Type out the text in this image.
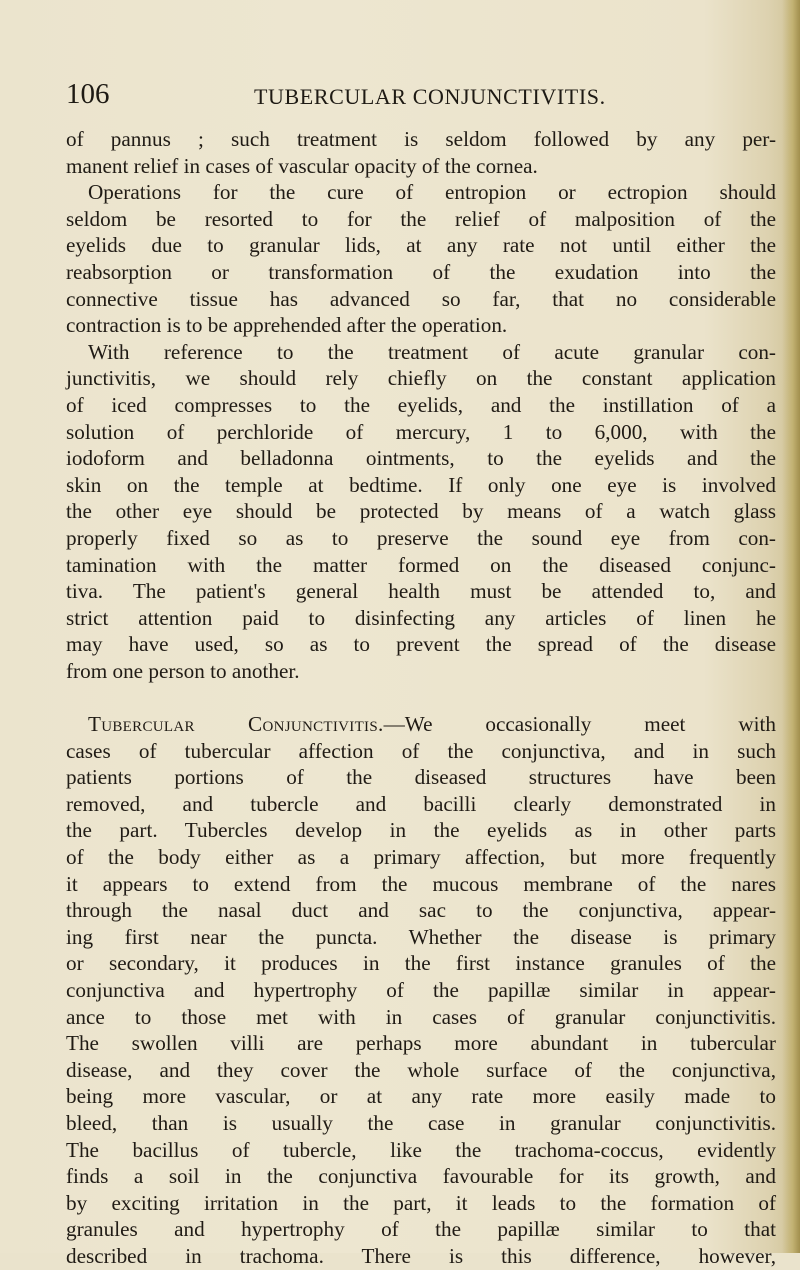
106	TUBERCULAR CONJUNCTIVITIS.
of pannus ; such treatment is seldom followed by any per-
manent relief in cases of vascular opacity of the cornea.
Operations for the cure of entropion or ectropion should
seldom be resorted to for the relief of malposition of the
eyelids due to granular lids, at any rate not until either the
reabsorption or transformation of the exudation into the
connective tissue has advanced so far, that no considerable
contraction is to be apprehended after the operation.
With reference to the treatment of acute granular con-
junctivitis, we should rely chiefly on the constant application
of iced compresses to the eyelids, and the instillation of a
solution of perchloride of mercury, 1 to 6,000, with the
iodoform and belladonna ointments, to the eyelids and the
skin on the temple at bedtime. If only one eye is involved
the other eye should be protected by means of a watch glass
properly fixed so as to preserve the sound eye from con-
tamination with the matter formed on the diseased conjunc-
tiva. The patient's general health must be attended to, and
strict attention paid to disinfecting any articles of linen he
may have used, so as to prevent the spread of the disease
from one person to another.
Tubercular Conjunctivitis.—We occasionally meet with
cases of tubercular affection of the conjunctiva, and in such
patients portions of the diseased structures have been
removed, and tubercle and bacilli clearly demonstrated in
the part. Tubercles develop in the eyelids as in other parts
of the body either as a primary affection, but more frequently
it appears to extend from the mucous membrane of the nares
through the nasal duct and sac to the conjunctiva, appear-
ing first near the puncta. Whether the disease is primary
or secondary, it produces in the first instance granules of the
conjunctiva and hypertrophy of the papillæ similar in appear-
ance to those met with in cases of granular conjunctivitis.
The swollen villi are perhaps more abundant in tubercular
disease, and they cover the whole surface of the conjunctiva,
being more vascular, or at any rate more easily made to
bleed, than is usually the case in granular conjunctivitis.
The bacillus of tubercle, like the trachoma-coccus, evidently
finds a soil in the conjunctiva favourable for its growth, and
by exciting irritation in the part, it leads to the formation of
granules and hypertrophy of the papillæ similar to that
described in trachoma. There is this difference, however,
